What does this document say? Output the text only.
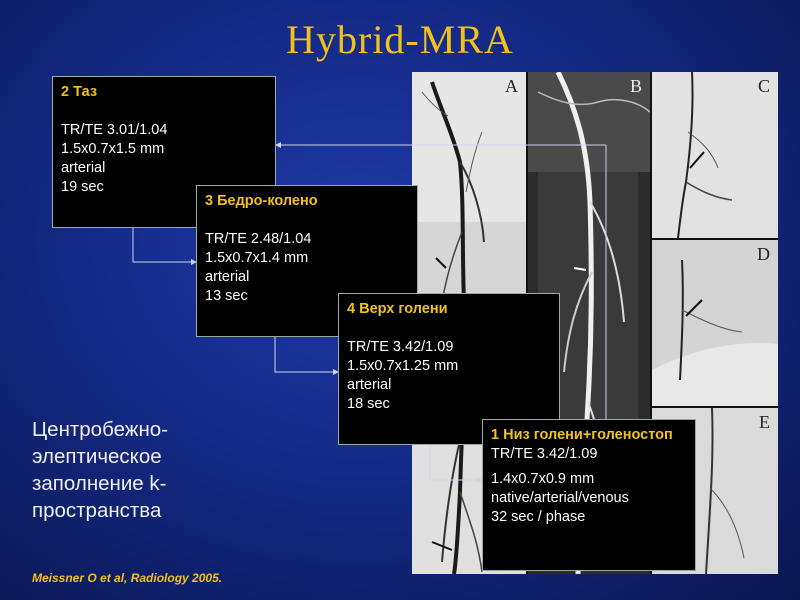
Hybrid-MRA
A	B	C
D
E
2 Таз
TR/TE 3.01/1.04
1.5x0.7x1.5 mm
arterial
19 sec
3 Бедро-колено
TR/TE 2.48/1.04
1.5x0.7x1.4 mm
arterial
13 sec
4 Верх голени
TR/TE 3.42/1.09
1.5x0.7x1.25 mm
arterial
18 sec
1 Низ голени+голеностоп
TR/TE 3.42/1.09
1.4x0.7x0.9 mm
native/arterial/venous
32 sec / phase
Центробежно-элептическое заполнение k-пространства
Meissner O et al, Radiology 2005.
